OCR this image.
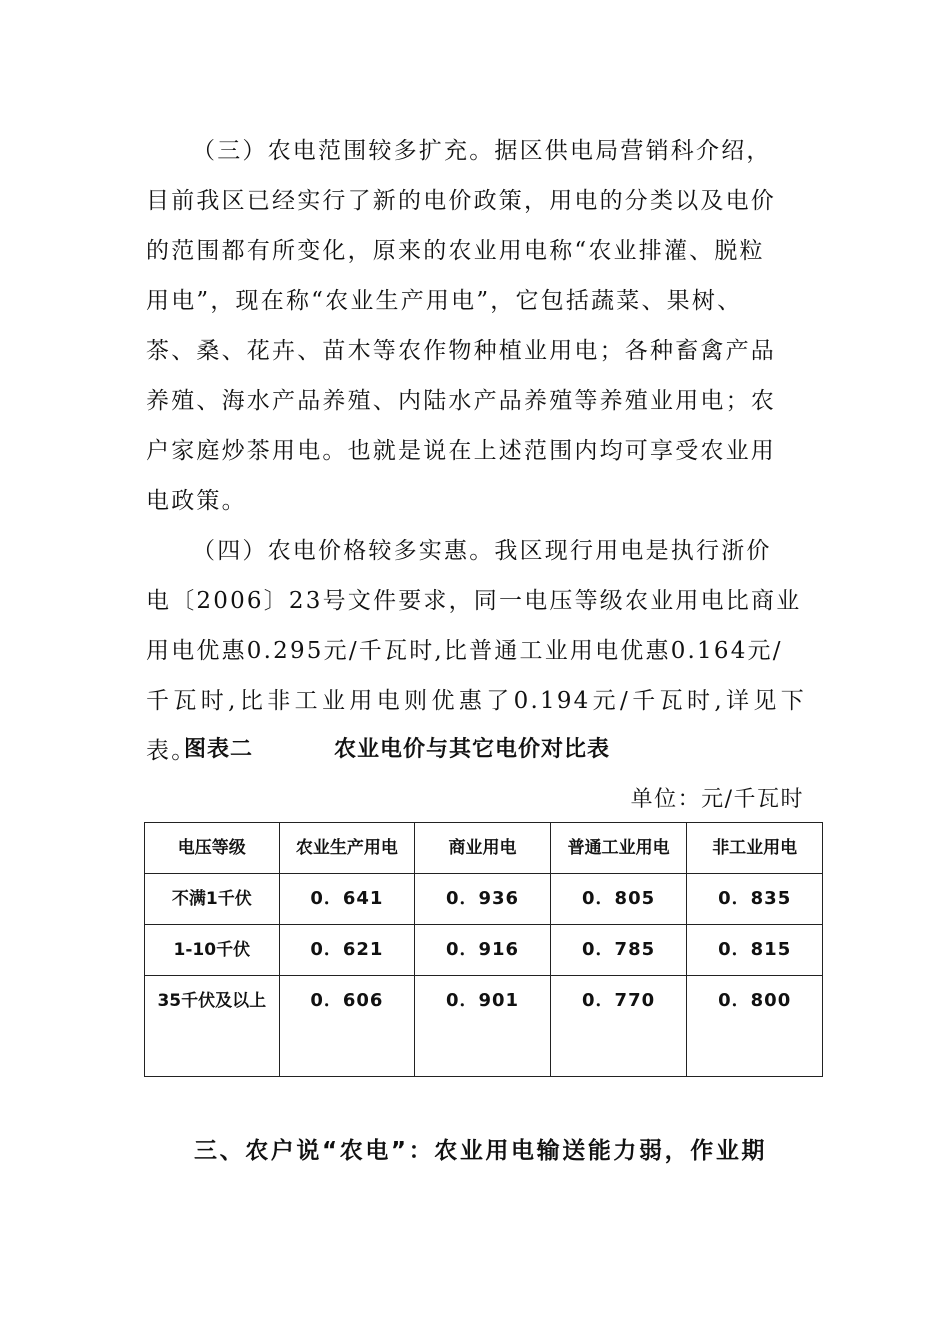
（三）农电范围较多扩充。据区供电局营销科介绍，
目前我区已经实行了新的电价政策，用电的分类以及电价
的范围都有所变化，原来的农业用电称“农业排灌、脱粒
用电”，现在称“农业生产用电”，它包括蔬菜、果树、
茶、桑、花卉、苗木等农作物种植业用电；各种畜禽产品
养殖、海水产品养殖、内陆水产品养殖等养殖业用电；农
户家庭炒茶用电。也就是说在上述范围内均可享受农业用
电政策。
（四）农电价格较多实惠。我区现行用电是执行浙价
电〔2006〕23号文件要求，同一电压等级农业用电比商业
用电优惠0.295元/千瓦时,比普通工业用电优惠0.164元/
千瓦时,比非工业用电则优惠了0.194元/千瓦时,详见下表。
图表二	农业电价与其它电价对比表
单位：元/千瓦时
电压等级	农业生产用电	商业用电	普通工业用电	非工业用电
不满1千伏	0．641	0．936	0．805	0．835
1-10千伏	0．621	0．916	0．785	0．815
35千伏及以上	0．606	0．901	0．770	0．800
三、农户说“农电”：农业用电输送能力弱，作业期
